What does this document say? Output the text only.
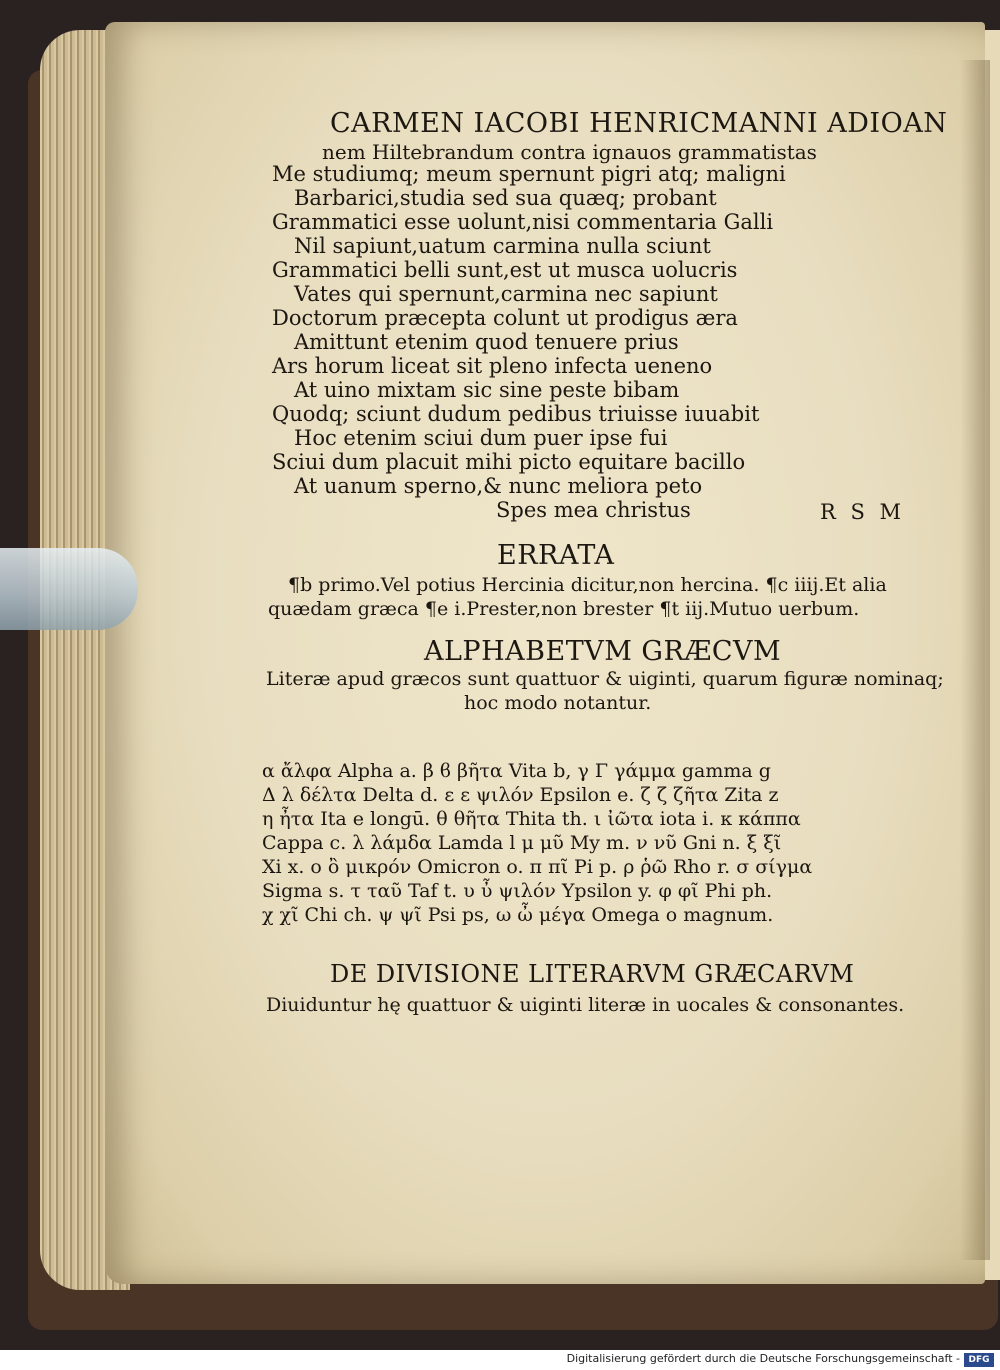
CARMEN IACOBI HENRICMANNI ADIOAN

nem Hiltebrandum contra ignauos grammatistas

Me studiumq; meum spernunt pigri atq; maligni

Barbarici,studia sed sua quæq; probant

Grammatici esse uolunt,nisi commentaria Galli

Nil sapiunt,uatum carmina nulla sciunt

Grammatici belli sunt,est ut musca uolucris

Vates qui spernunt,carmina nec sapiunt

Doctorum præcepta colunt ut prodigus æra

Amittunt etenim quod tenuere prius

Ars horum liceat sit pleno infecta ueneno

At uino mixtam sic sine peste bibam

Quodq; sciunt dudum pedibus triuisse iuuabit

Hoc etenim sciui dum puer ipse fui

Sciui dum placuit mihi picto equitare bacillo

At uanum sperno,& nunc meliora peto

Spes mea christus	R S M

ERRATA

¶b primo.Vel potius Hercinia dicitur,non hercina. ¶c iiij.Et alia

quædam græca ¶e i.Prester,non brester ¶t iij.Mutuo uerbum.

ALPHABETVM GRÆCVM

Literæ apud græcos sunt quattuor & uiginti, quarum figuræ nominaq;

hoc modo notantur.

α ἄλφα Alpha a. β ϐ βῆτα Vita b, γ Γ γάμμα gamma g

Δ λ δέλτα Delta d. ε ε ψιλόν Epsilon e. ζ ζ ζῆτα Zita z

η ἦτα Ita e longū. θ θῆτα Thita th. ι ἰῶτα iota i. κ κάππα

Cappa c. λ λάμδα Lamda l μ μῦ My m. ν νῦ Gni n. ξ ξῖ

Xi x. ο ὂ μικρόν Omicron o. π πῖ Pi p. ρ ῥῶ Rho r. σ σίγμα

Sigma s. τ ταῦ Taf t. υ ὖ ψιλόν Ypsilon y. φ φῖ Phi ph.

χ χῖ Chi ch. ψ ψῖ Psi ps, ω ὦ μέγα Omega o magnum.

DE DIVISIONE LITERARVM GRÆCARVM

Diuiduntur hę quattuor & uiginti literæ in uocales & consonantes.

Digitalisierung gefördert durch die Deutsche Forschungsgemeinschaft - DFG
